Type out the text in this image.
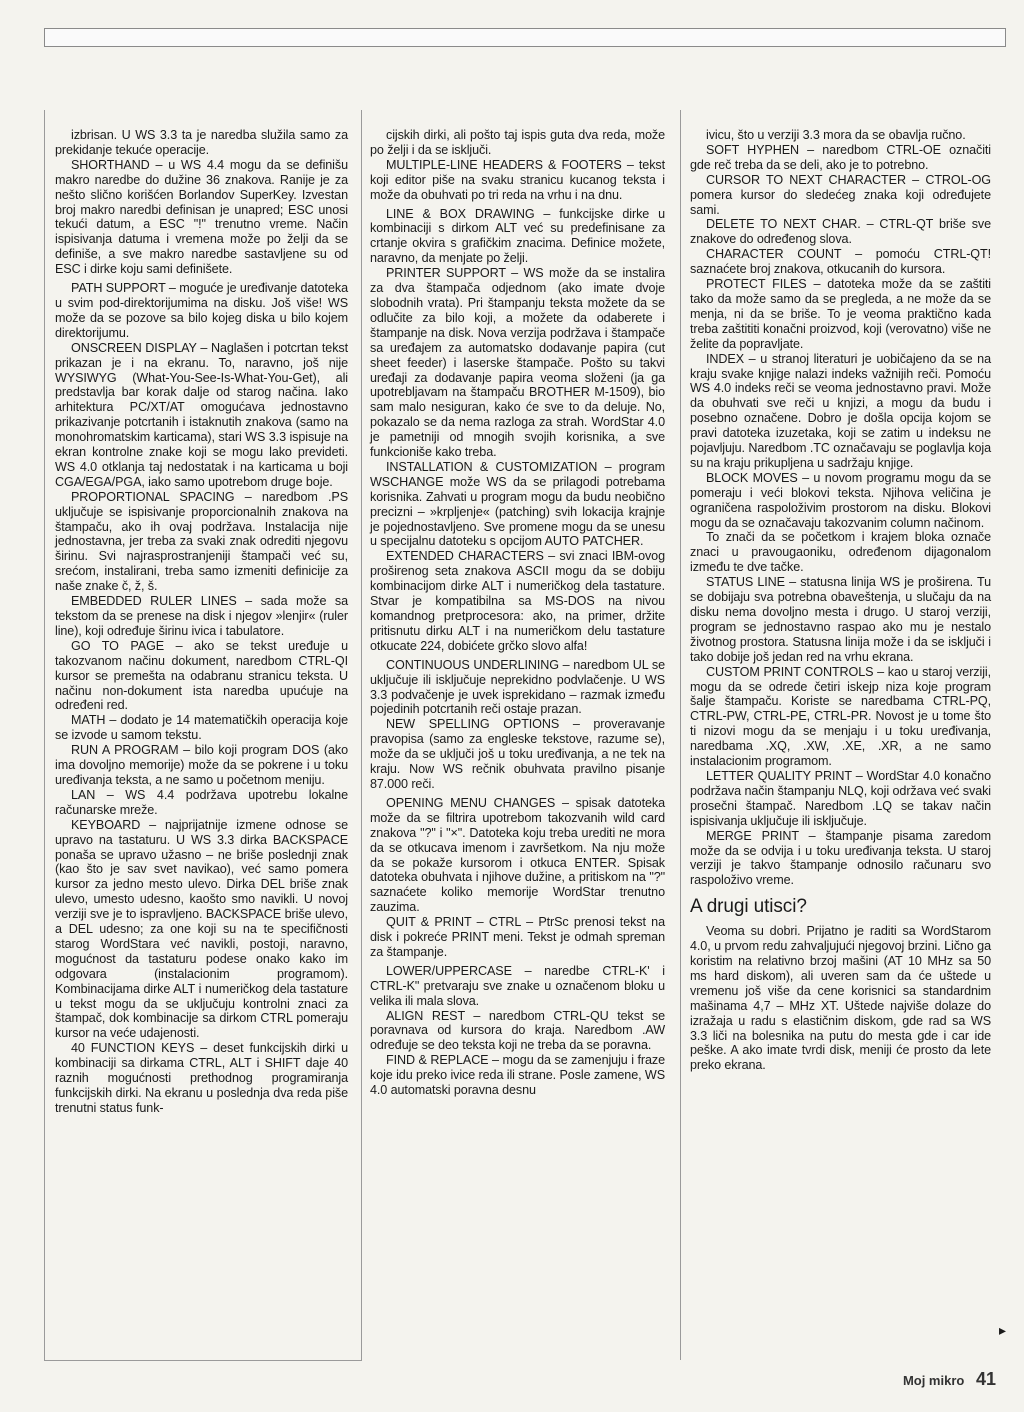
izbrisan. U WS 3.3 ta je naredba služila samo za prekidanje tekuće operacije.

SHORTHAND – u WS 4.4 mogu da se definišu makro naredbe do dužine 36 znakova. Ranije je za nešto slično korišćen Borlandov SuperKey. Izvestan broj makro naredbi definisan je unapred; ESC unosi tekući datum, a ESC "!" trenutno vreme. Način ispisivanja datuma i vremena može po želji da se definiše, a sve makro naredbe sastavljene su od ESC i dirke koju sami definišete.

PATH SUPPORT – moguće je uređivanje datoteka u svim pod-direktorijumima na disku. Još više! WS može da se pozove sa bilo kojeg diska u bilo kojem direktorijumu.

ONSCREEN DISPLAY – Naglašen i potcrtan tekst prikazan je i na ekranu. To, naravno, još nije WYSIWYG (What-You-See-Is-What-You-Get), ali predstavlja bar korak dalje od starog načina. Iako arhitektura PC/XT/AT omogućava jednostavno prikazivanje potcrtanih i istaknutih znakova (samo na monohromatskim karticama), stari WS 3.3 ispisuje na ekran kontrolne znake koji se mogu lako previdеti. WS 4.0 otklanja taj nedostatak i na karticama u boji CGA/EGA/PGA, iako samo upotrebom druge boje.

PROPORTIONAL SPACING – naredbom .PS uključuje se ispisivanje proporcionalnih znakova na štampaču, ako ih ovaj podržava. Instalacija nije jednostavna, jer treba za svaki znak odrediti njegovu širinu. Svi najrasprostranjeniji štampači već su, srećom, instalirani, treba samo izmeniti definicije za naše znake č, ž, š.

EMBEDDED RULER LINES – sada može sa tekstom da se prenese na disk i njegov »lenjir« (ruler line), koji određuje širinu ivica i tabulatore.

GO TO PAGE – ako se tekst uređuje u takozvanom načinu dokument, naredbom CTRL-QI kursor se premešta na odabranu stranicu teksta. U načinu non-dokument ista naredba upućuje na određeni red.

MATH – dodato je 14 matematičkih operacija koje se izvode u samom tekstu.

RUN A PROGRAM – bilo koji program DOS (ako ima dovoljno memorije) može da se pokrene i u toku uređivanja teksta, a ne samo u početnom meniju.

LAN – WS 4.4 podržava upotrebu lokalne računarske mreže.

KEYBOARD – najprijatnije izmene odnose se upravo na tastaturu. U WS 3.3 dirka BACKSPACE ponaša se upravo užasno – ne briše poslednji znak (kao što je sav svet navikao), već samo pomera kursor za jedno mesto ulevo. Dirka DEL briše znak ulevo, umesto udesno, kaošto smo navikli. U novoj verziji sve je to ispravljeno. BACKSPACE briše ulevo, a DEL udesno; za one koji su na te specifičnosti starog WordStara već navikli, postoji, naravno, mogućnost da tastaturu podese onako kako im odgovara (instalacionim programom). Kombinacijama dirke ALT i numeričkog dela tastature u tekst mogu da se uključuju kontrolni znaci za štampač, dok kombinacije sa dirkom CTRL pomeraju kursor na veće udajenosti.

40 FUNCTION KEYS – deset funkcijskih dirki u kombinaciji sa dirkama CTRL, ALT i SHIFT daje 40 raznih mogućnosti prethodnog programiranja funkcijskih dirki. Na ekranu u poslednja dva reda piše trenutni status funk-

cijskih dirki, ali pošto taj ispis guta dva reda, može po želji i da se isključi.

MULTIPLE-LINE HEADERS & FOOTERS – tekst koji editor piše na svaku stranicu kucanog teksta i može da obuhvati po tri reda na vrhu i na dnu.

LINE & BOX DRAWING – funkcijske dirke u kombinaciji s dirkom ALT već su predefinisane za crtanje okvira s grafičkim znacima. Definice možete, naravno, da menjate po želji.

PRINTER SUPPORT – WS može da se instalira za dva štampača odjednom (ako imate dvoje slobodnih vrata). Pri štampanju teksta možete da se odlučite za bilo koji, a možete da odaberete i štampanje na disk. Nova verzija podržava i štampače sa uređajem za automatsko dodavanje papira (cut sheet feeder) i laserske štampače. Pošto su takvi uređaji za dodavanje papira veoma složeni (ja ga upotrebljavam na štampaču BROTHER M-1509), bio sam malo nesiguran, kako će sve to da deluje. No, pokazalo se da nema razloga za strah. WordStar 4.0 je pametniji od mnogih svojih korisnika, a sve funkcioniše kako treba.

INSTALLATION & CUSTOMIZATION – program WSCHANGE može WS da se prilagodi potrebama korisnika. Zahvati u program mogu da budu neobično precizni – »krpljenje« (patching) svih lokacija krajnje je pojednostavljeno. Sve promene mogu da se unesu u specijalnu datoteku s opcijom AUTO PATCHER.

EXTENDED CHARACTERS – svi znaci IBM-ovog proširenog seta znakova ASCII mogu da se dobiju kombinacijom dirke ALT i numeričkog dela tastature. Stvar je kompatibilna sa MS-DOS na nivou komandnog pretprocesora: ako, na primer, držite pritisnutu dirku ALT i na numeričkom delu tastature otkucate 224, dobićete grčko slovo alfa!

CONTINUOUS UNDERLINING – naredbom UL se uključuje ili isključuje neprekidno podvlačenje. U WS 3.3 podvačenje je uvek isprekidano – razmak između pojedinih potcrtanih reči ostaje prazan.

NEW SPELLING OPTIONS – proveravanje pravopisa (samo za engleske tekstove, razume se), može da se uključi još u toku uređivanja, a ne tek na kraju. Now WS rečnik obuhvata pravilno pisanje 87.000 reči.

OPENING MENU CHANGES – spisak datoteka može da se filtrira upotrebom takozvanih wild card znakova "?" i "×". Datoteka koju treba urediti ne mora da se otkucava imenom i završetkom. Na nju može da se pokaže kursorom i otkuca ENTER. Spisak datoteka obuhvata i njihove dužine, a pritiskom na "?" saznaćete koliko memorije WordStar trenutno zauzima.

QUIT & PRINT – CTRL – PtrSc prenosi tekst na disk i pokreće PRINT meni. Tekst je odmah spreman za štampanje.

LOWER/UPPERCASE – naredbe CTRL-K' i CTRL-K" pretvaraju sve znake u označenom bloku u velika ili mala slova.

ALIGN REST – naredbom CTRL-QU tekst se poravnava od kursora do kraja. Naredbom .AW određuje se deo teksta koji ne treba da se poravna.

FIND & REPLACE – mogu da se zamenjuju i fraze koje idu preko ivice reda ili strane. Posle zamene, WS 4.0 automatski poravna desnu

ivicu, što u verziji 3.3 mora da se obavlja ručno.

SOFT HYPHEN – naredbom CTRL-OE označiti gde reč treba da se deli, ako je to potrebno.

CURSOR TO NEXT CHARACTER – CTROL-OG pomera kursor do sledećeg znaka koji određujete sami.

DELETE TO NEXT CHAR. – CTRL-QT briše sve znakove do određenog slova.

CHARACTER COUNT – pomoću CTRL-QT! saznaćete broj znakova, otkucanih do kursora.

PROTECT FILES – datoteka može da se zaštiti tako da može samo da se pregleda, a ne može da se menja, ni da se briše. To je veoma praktično kada treba zaštititi konačni proizvod, koji (verovatno) više ne želite da popravljate.

INDEX – u stranoj literaturi je uobičajeno da se na kraju svake knjige nalazi indeks važnijih reči. Pomoću WS 4.0 indeks reči se veoma jednostavno pravi. Može da obuhvati sve reči u knjizi, a mogu da budu i posebno označene. Dobro je došla opcija kojom se pravi datoteka izuzetaka, koji se zatim u indeksu ne pojavljuju. Naredbom .TC označavaju se poglavlja koja su na kraju prikupljena u sadržaju knjige.

BLOCK MOVES – u novom programu mogu da se pomeraju i veći blokovi teksta. Njihova veličina je ograničena raspoloživim prostorom na disku. Blokovi mogu da se označavaju takozvanim column načinom.

To znači da se početkom i krajem bloka označe znaci u pravougaoniku, određenom dijagonalom između te dve tačke.

STATUS LINE – statusna linija WS je proširena. Tu se dobijaju sva potrebna obaveštenja, u slučaju da na disku nema dovoljno mesta i drugo. U staroj verziji, program se jednostavno raspao ako mu je nestalo životnog prostora. Statusna linija može i da se isključi i tako dobije još jedan red na vrhu ekrana.

CUSTOM PRINT CONTROLS – kao u staroj verziji, mogu da se odrede četiri iskejp niza koje program šalje štampaču. Koriste se naredbama CTRL-PQ, CTRL-PW, CTRL-PE, CTRL-PR. Novost je u tome što ti nizovi mogu da se menjaju i u toku uređivanja, naredbama .XQ, .XW, .XE, .XR, a ne samo instalacionim programom.

LETTER QUALITY PRINT – WordStar 4.0 konačno podržava način štampanju NLQ, koji održava već svaki prosečni štampač. Naredbom .LQ se takav način ispisivanja uključuje ili isključuje.

MERGE PRINT – štampanje pisama zaredom može da se odvija i u toku uređivanja teksta. U staroj verziji je takvo štampanje odnosilo računaru svo raspoloživo vreme.

A drugi utisci?

Veoma su dobri. Prijatno je raditi sa WordStarom 4.0, u prvom redu zahvaljujući njegovoj brzini. Lično ga koristim na relativno brzoj mašini (AT 10 MHz sa 50 ms hard diskom), ali uveren sam da će uštede u vremenu još više da cene korisnici sa standardnim mašinama 4,7 – MHz XT. Uštede najviše dolaze do izražaja u radu s elastičnim diskom, gde rad sa WS 3.3 liči na bolesnika na putu do mesta gde i car ide peške. A ako imate tvrdi disk, meniji će prosto da lete preko ekrana.

▸
Moj mikro 41
